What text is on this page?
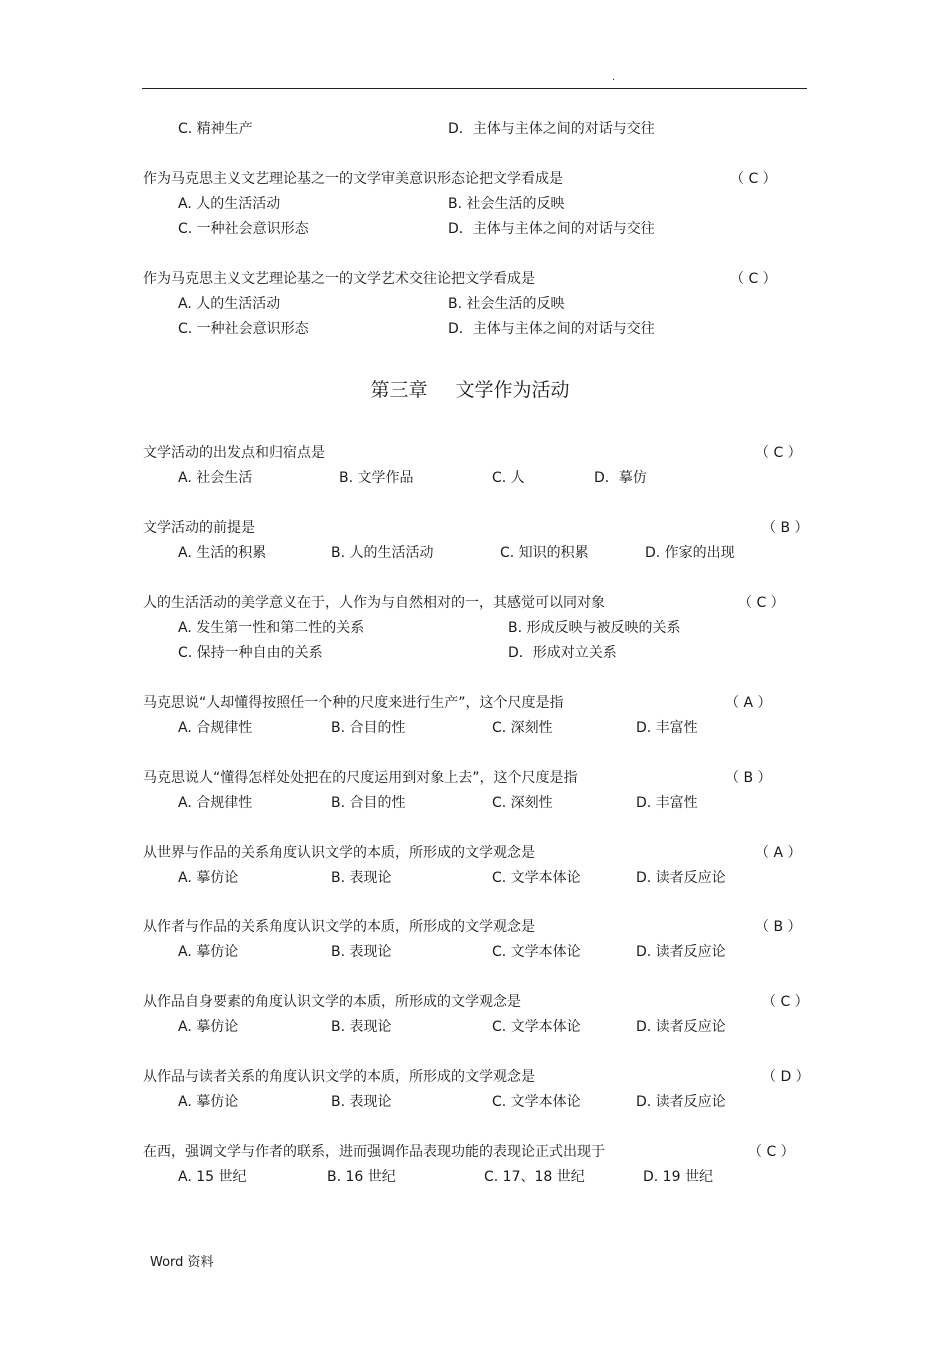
.
C. 精神生产	D．主体与主体之间的对话与交往
作为马克思主义文艺理论基之一的文学审美意识形态论把文学看成是	（ C ）
A. 人的生活活动	B. 社会生活的反映
C. 一种社会意识形态	D．主体与主体之间的对话与交往
作为马克思主义文艺理论基之一的文学艺术交往论把文学看成是	（ C ）
A. 人的生活活动	B. 社会生活的反映
C. 一种社会意识形态	D．主体与主体之间的对话与交往
第三章 文学作为活动
文学活动的出发点和归宿点是	（ C ）
A. 社会生活	B. 文学作品	C. 人	D．摹仿
文学活动的前提是	（ B ）
A. 生活的积累	B. 人的生活活动	C. 知识的积累	D. 作家的出现
人的生活活动的美学意义在于，人作为与自然相对的一，其感觉可以同对象	（ C ）
A. 发生第一性和第二性的关系	B. 形成反映与被反映的关系
C. 保持一种自由的关系	D．形成对立关系
马克思说“人却懂得按照任一个种的尺度来进行生产”，这个尺度是指	（ A ）
A. 合规律性	B. 合目的性	C. 深刻性	D. 丰富性
马克思说人“懂得怎样处处把在的尺度运用到对象上去”，这个尺度是指	（ B ）
A. 合规律性	B. 合目的性	C. 深刻性	D. 丰富性
从世界与作品的关系角度认识文学的本质，所形成的文学观念是	（ A ）
A. 摹仿论	B. 表现论	C. 文学本体论	D. 读者反应论
从作者与作品的关系角度认识文学的本质，所形成的文学观念是	（ B ）
A. 摹仿论	B. 表现论	C. 文学本体论	D. 读者反应论
从作品自身要素的角度认识文学的本质，所形成的文学观念是	（ C ）
A. 摹仿论	B. 表现论	C. 文学本体论	D. 读者反应论
从作品与读者关系的角度认识文学的本质，所形成的文学观念是	（ D ）
A. 摹仿论	B. 表现论	C. 文学本体论	D. 读者反应论
在西，强调文学与作者的联系，进而强调作品表现功能的表现论正式出现于	（ C ）
A. 15 世纪	B. 16 世纪	C. 17、18 世纪	D. 19 世纪
Word 资料
